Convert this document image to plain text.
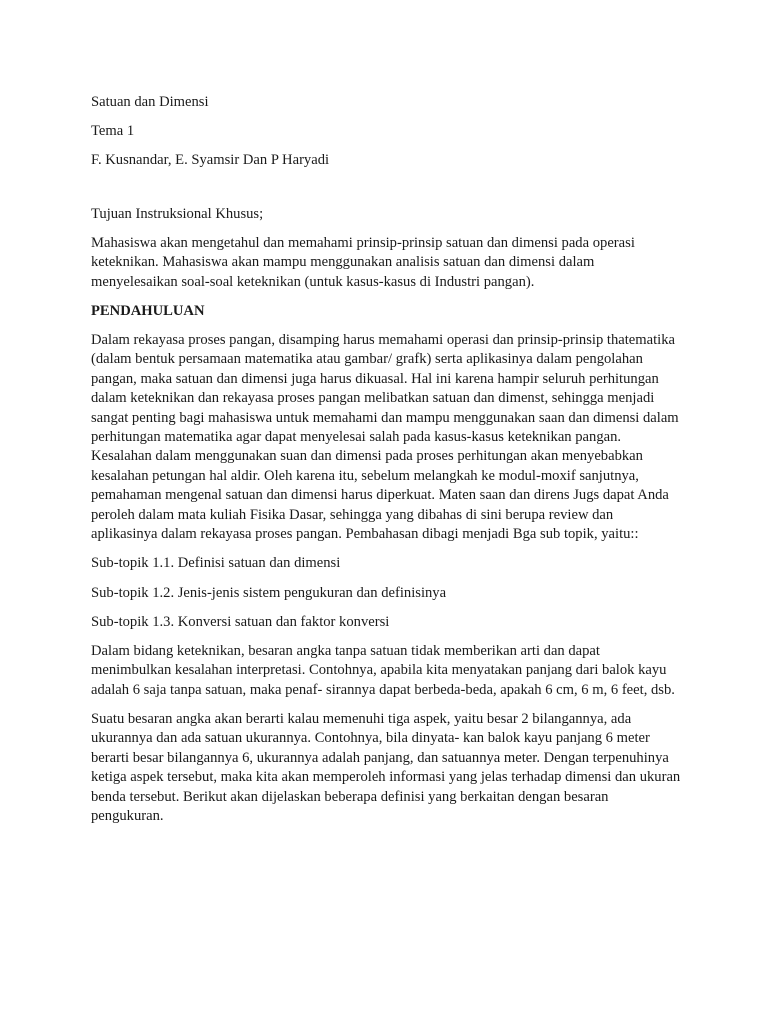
Satuan dan Dimensi

Tema 1

F. Kusnandar, E. Syamsir Dan P Haryadi

Tujuan Instruksional Khusus;

Mahasiswa akan mengetahul dan memahami prinsip-prinsip satuan dan dimensi pada operasi keteknikan. Mahasiswa akan mampu menggunakan analisis satuan dan dimensi dalam menyelesaikan soal-soal keteknikan (untuk kasus-kasus di Industri pangan).

PENDAHULUAN

Dalam rekayasa proses pangan, disamping harus memahami operasi dan prinsip-prinsip thatematika (dalam bentuk persamaan matematika atau gambar/ grafk) serta aplikasinya dalam pengolahan pangan, maka satuan dan dimensi juga harus dikuasal. Hal ini karena hampir seluruh perhitungan dalam keteknikan dan rekayasa proses pangan melibatkan satuan dan dimenst, sehingga menjadi sangat penting bagi mahasiswa untuk memahami dan mampu menggunakan saan dan dimensi dalam perhitungan matematika agar dapat menyelesai salah pada kasus-kasus keteknikan pangan. Kesalahan dalam menggunakan suan dan dimensi pada proses perhitungan akan menyebabkan kesalahan petungan hal aldir. Oleh karena itu, sebelum melangkah ke modul-moxif sanjutnya, pemahaman mengenal satuan dan dimensi harus diperkuat. Maten saan dan direns Jugs dapat Anda peroleh dalam mata kuliah Fisika Dasar, sehingga yang dibahas di sini berupa review dan aplikasinya dalam rekayasa proses pangan. Pembahasan dibagi menjadi Bga sub topik, yaitu::

Sub-topik 1.1. Definisi satuan dan dimensi

Sub-topik 1.2. Jenis-jenis sistem pengukuran dan definisinya

Sub-topik 1.3. Konversi satuan dan faktor konversi

Dalam bidang keteknikan, besaran angka tanpa satuan tidak memberikan arti dan dapat menimbulkan kesalahan interpretasi. Contohnya, apabila kita menyatakan panjang dari balok kayu adalah 6 saja tanpa satuan, maka penaf- sirannya dapat berbeda-beda, apakah 6 cm, 6 m, 6 feet, dsb.

Suatu besaran angka akan berarti kalau memenuhi tiga aspek, yaitu besar 2 bilangannya, ada ukurannya dan ada satuan ukurannya. Contohnya, bila dinyata- kan balok kayu panjang 6 meter berarti besar bilangannya 6, ukurannya adalah panjang, dan satuannya meter. Dengan terpenuhinya ketiga aspek tersebut, maka kita akan memperoleh informasi yang jelas terhadap dimensi dan ukuran benda tersebut. Berikut akan dijelaskan beberapa definisi yang berkaitan dengan besaran pengukuran.
